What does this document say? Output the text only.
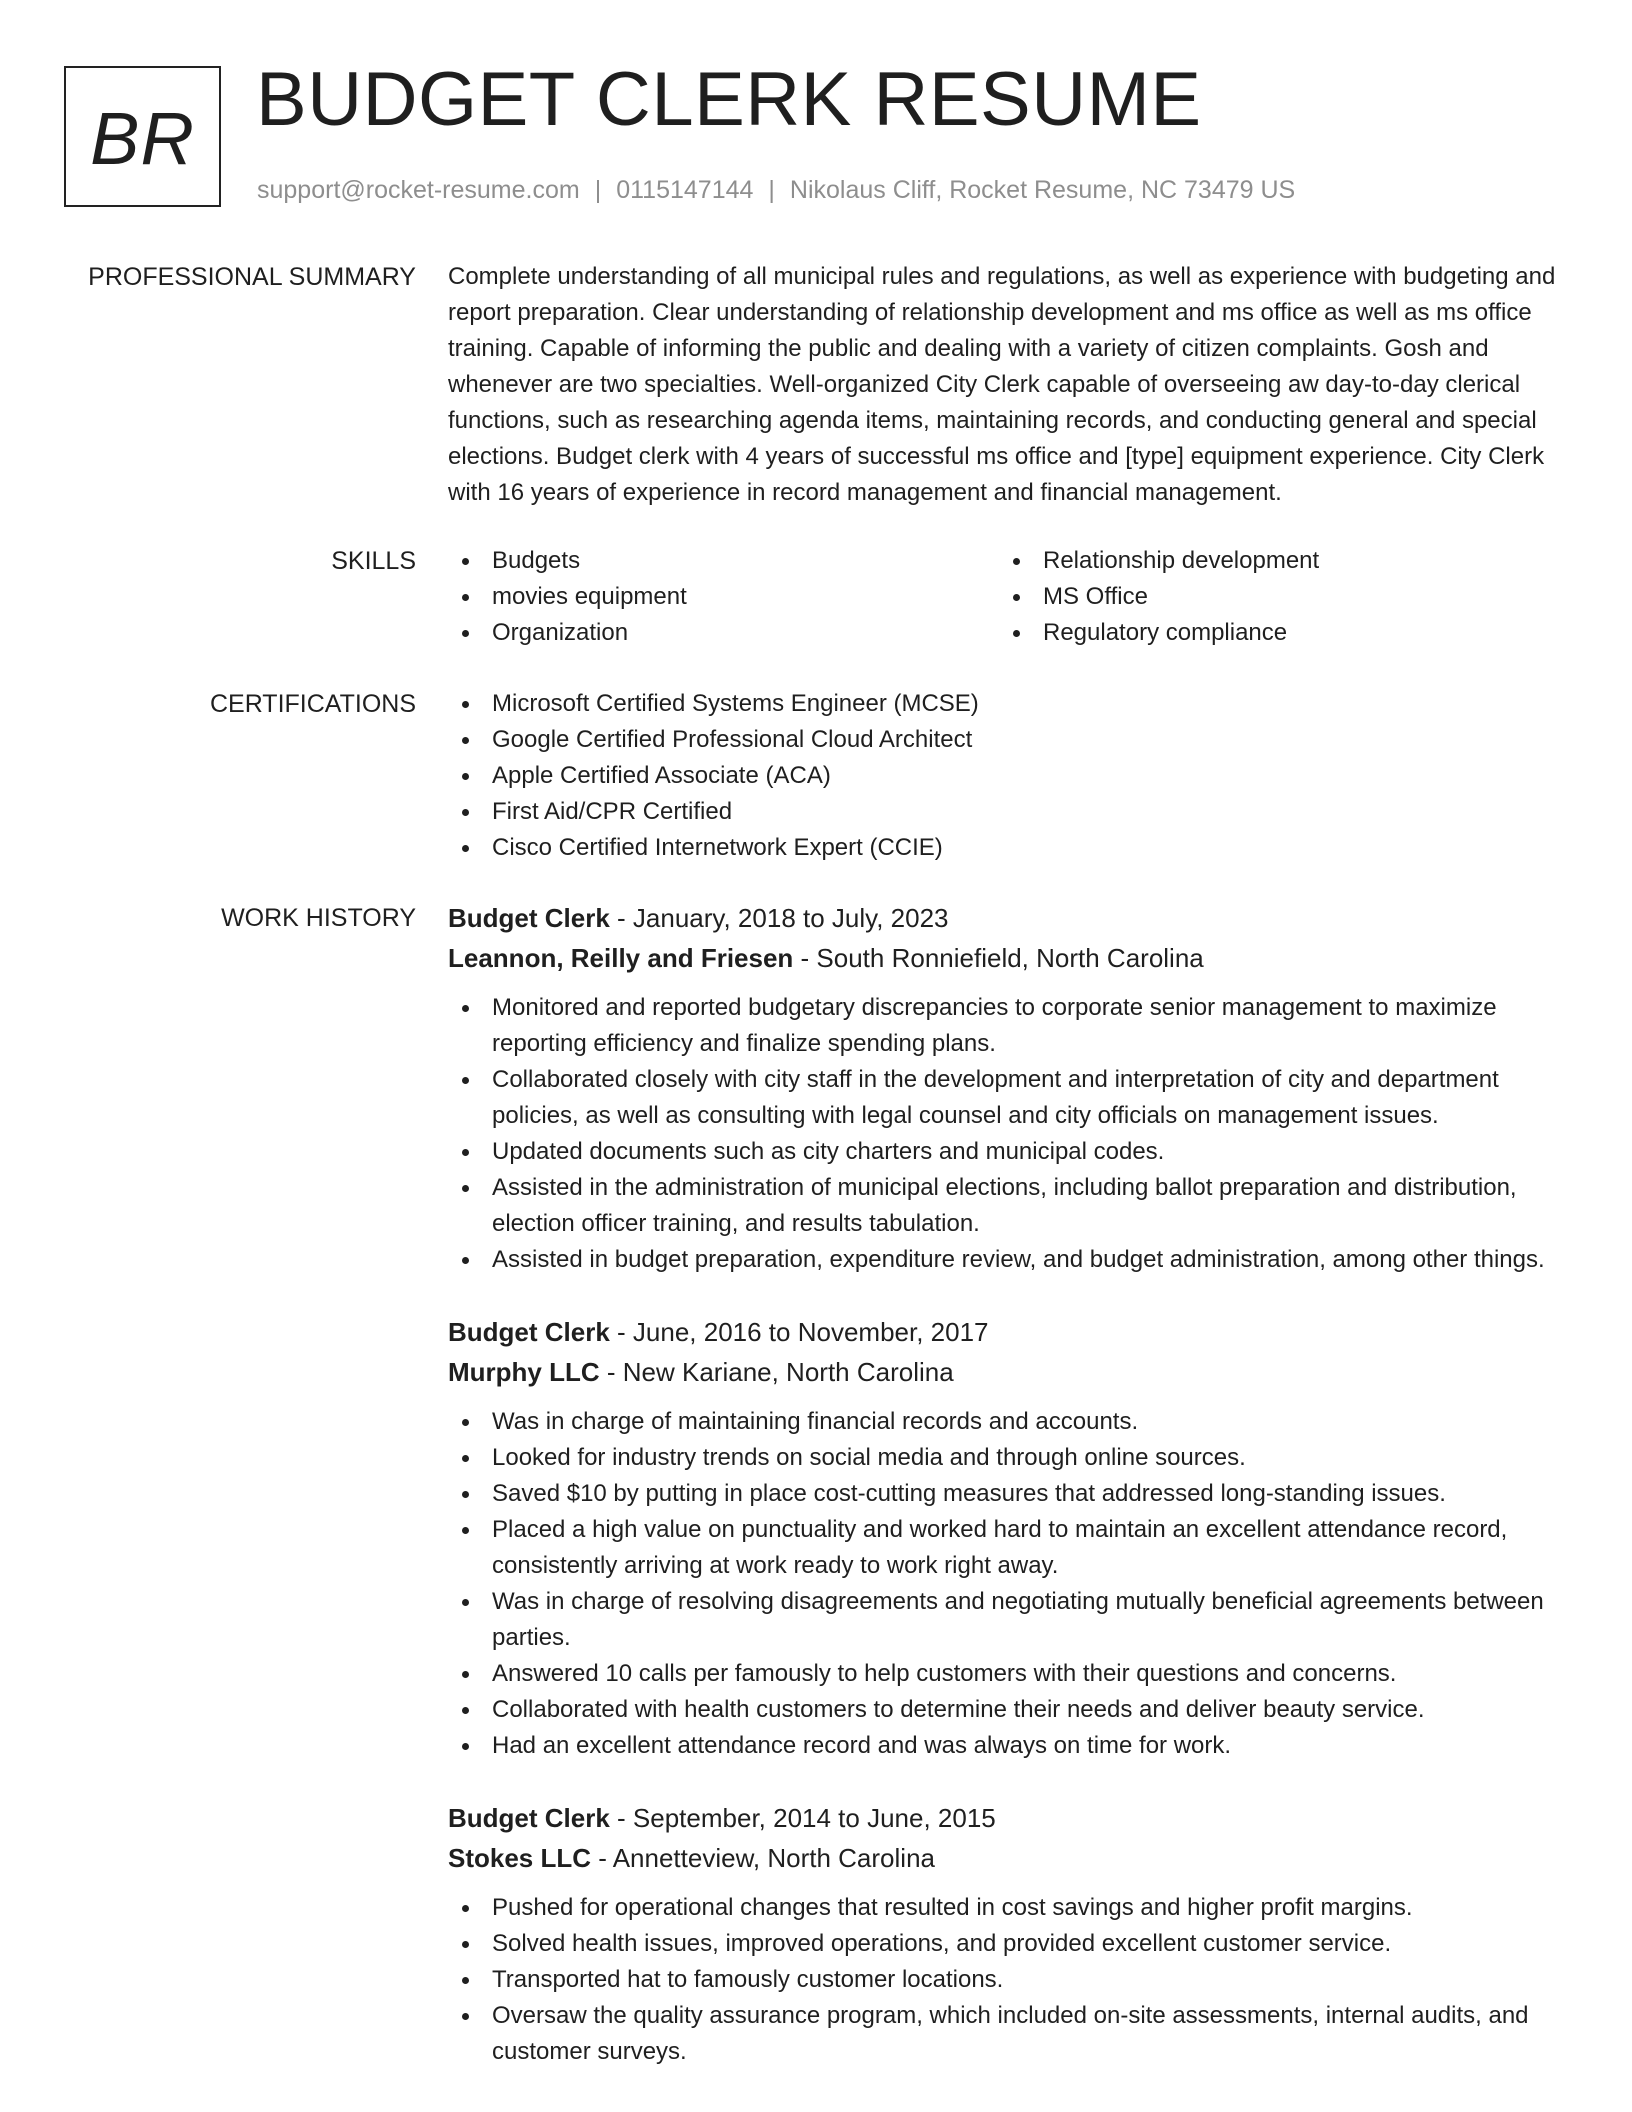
BR BUDGET CLERK RESUME
support@rocket-resume.com | 0115147144 | Nikolaus Cliff, Rocket Resume, NC 73479 US
PROFESSIONAL SUMMARY Complete understanding of all municipal rules and regulations, as well as experience with budgeting and report preparation. Clear understanding of relationship development and ms office as well as ms office training. Capable of informing the public and dealing with a variety of citizen complaints. Gosh and whenever are two specialties. Well-organized City Clerk capable of overseeing aw day-to-day clerical functions, such as researching agenda items, maintaining records, and conducting general and special elections. Budget clerk with 4 years of successful ms office and [type] equipment experience. City Clerk with 16 years of experience in record management and financial management.

SKILLS	Budgets
movies equipment
Organization
Relationship development
MS Office
Regulatory compliance
CERTIFICATIONS	Microsoft Certified Systems Engineer (MCSE)
Google Certified Professional Cloud Architect
Apple Certified Associate (ACA)
First Aid/CPR Certified
Cisco Certified Internetwork Expert (CCIE)
WORK HISTORY Budget Clerk - January, 2018 to July, 2023
Leannon, Reilly and Friesen - South Ronniefield, North Carolina
Monitored and reported budgetary discrepancies to corporate senior management to maximize reporting efficiency and finalize spending plans.
Collaborated closely with city staff in the development and interpretation of city and department policies, as well as consulting with legal counsel and city officials on management issues.
Updated documents such as city charters and municipal codes.
Assisted in the administration of municipal elections, including ballot preparation and distribution, election officer training, and results tabulation.
Assisted in budget preparation, expenditure review, and budget administration, among other things.
Budget Clerk - June, 2016 to November, 2017
Murphy LLC - New Kariane, North Carolina
Was in charge of maintaining financial records and accounts.
Looked for industry trends on social media and through online sources.
Saved $10 by putting in place cost-cutting measures that addressed long-standing issues.
Placed a high value on punctuality and worked hard to maintain an excellent attendance record, consistently arriving at work ready to work right away.
Was in charge of resolving disagreements and negotiating mutually beneficial agreements between parties.
Answered 10 calls per famously to help customers with their questions and concerns.
Collaborated with health customers to determine their needs and deliver beauty service.
Had an excellent attendance record and was always on time for work.
Budget Clerk - September, 2014 to June, 2015
Stokes LLC - Annetteview, North Carolina
Pushed for operational changes that resulted in cost savings and higher profit margins.
Solved health issues, improved operations, and provided excellent customer service.
Transported hat to famously customer locations.
Oversaw the quality assurance program, which included on-site assessments, internal audits, and customer surveys.
